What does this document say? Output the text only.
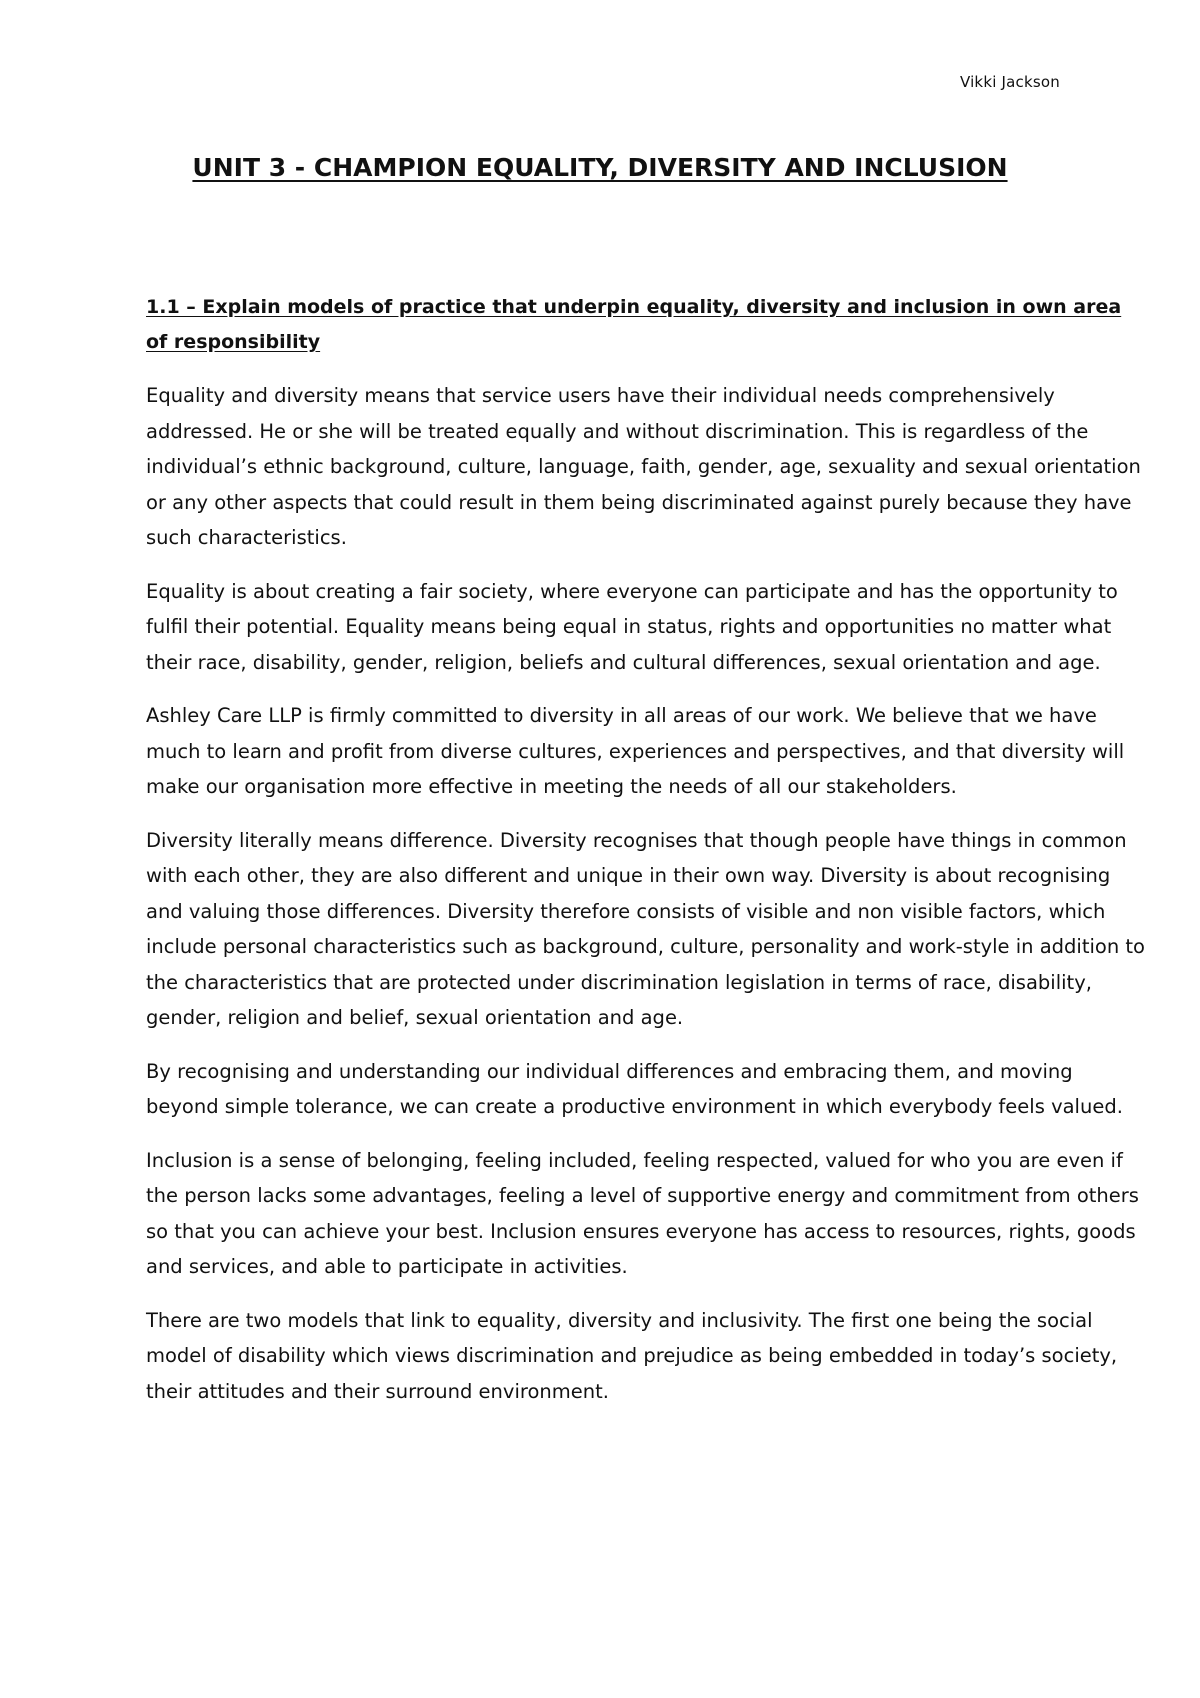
Vikki Jackson
UNIT 3 - CHAMPION EQUALITY, DIVERSITY AND INCLUSION

1.1 – Explain models of practice that underpin equality, diversity and inclusion in own area of responsibility

Equality and diversity means that service users have their individual needs comprehensively addressed. He or she will be treated equally and without discrimination. This is regardless of the individual’s ethnic background, culture, language, faith, gender, age, sexuality and sexual orientation or any other aspects that could result in them being discriminated against purely because they have such characteristics.

Equality is about creating a fair society, where everyone can participate and has the opportunity to fulfil their potential. Equality means being equal in status, rights and opportunities no matter what their race, disability, gender, religion, beliefs and cultural differences, sexual orientation and age.

Ashley Care LLP is firmly committed to diversity in all areas of our work. We believe that we have much to learn and profit from diverse cultures, experiences and perspectives, and that diversity will make our organisation more effective in meeting the needs of all our stakeholders.

Diversity literally means difference. Diversity recognises that though people have things in common with each other, they are also different and unique in their own way. Diversity is about recognising and valuing those differences. Diversity therefore consists of visible and non visible factors, which include personal characteristics such as background, culture, personality and work-style in addition to the characteristics that are protected under discrimination legislation in terms of race, disability, gender, religion and belief, sexual orientation and age.

By recognising and understanding our individual differences and embracing them, and moving beyond simple tolerance, we can create a productive environment in which everybody feels valued.

Inclusion is a sense of belonging, feeling included, feeling respected, valued for who you are even if the person lacks some advantages, feeling a level of supportive energy and commitment from others so that you can achieve your best. Inclusion ensures everyone has access to resources, rights, goods and services, and able to participate in activities.

There are two models that link to equality, diversity and inclusivity. The first one being the social model of disability which views discrimination and prejudice as being embedded in today’s society, their attitudes and their surround environment.
